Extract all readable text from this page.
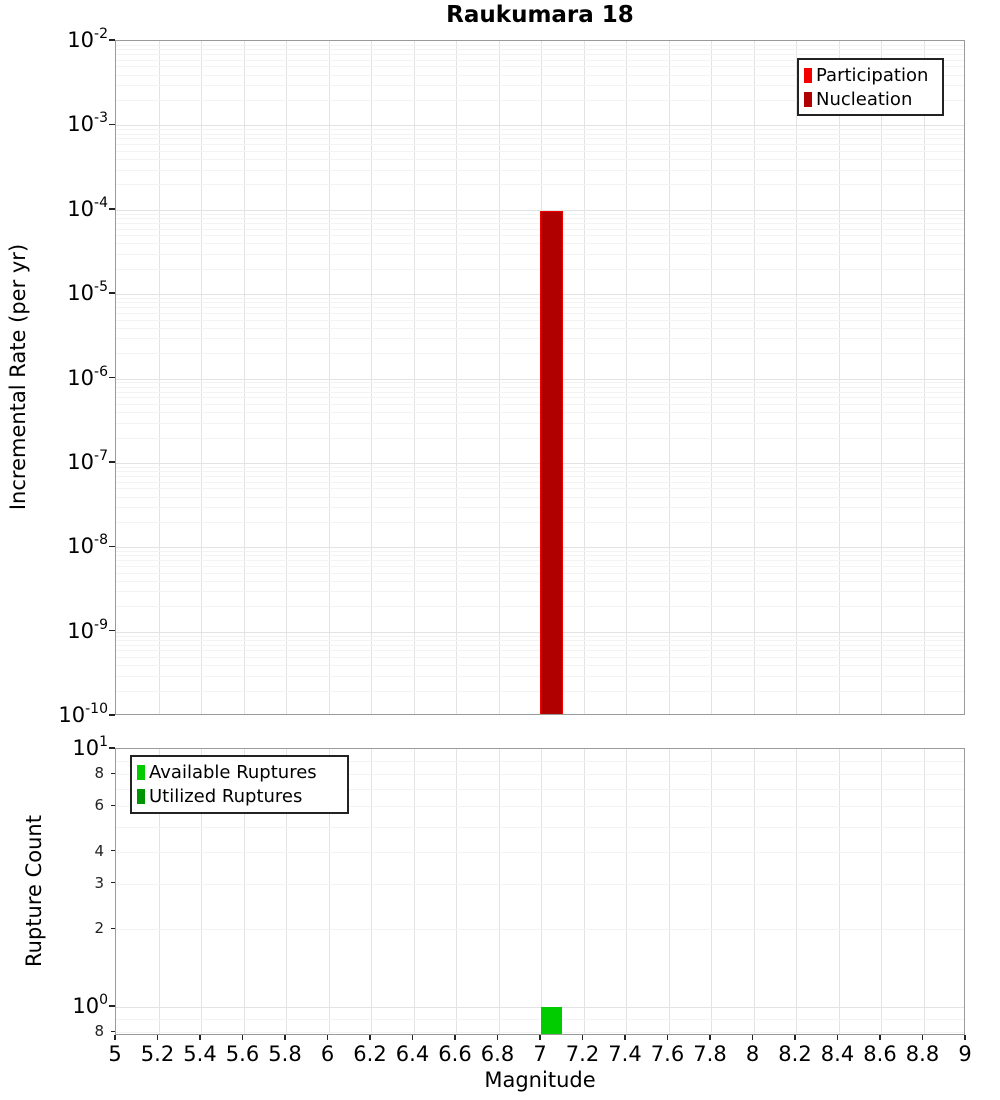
Raukumara 18
Incremental Rate (per yr)
Rupture Count
Magnitude
Participation
Nucleation
Available Ruptures
Utilized Ruptures
$10^{-2}$
$10^{-3}$
$10^{-4}$
$10^{-5}$
$10^{-6}$
$10^{-7}$
$10^{-8}$
$10^{-9}$
$10^{-10}$
$10^1$
$10^0$
8
6
4
3
2
8
5 5.2 5.4 5.6 5.8 6 6.2 6.4 6.6 6.8 7 7.2 7.4 7.6 7.8 8 8.2 8.4 8.6 8.8 9
